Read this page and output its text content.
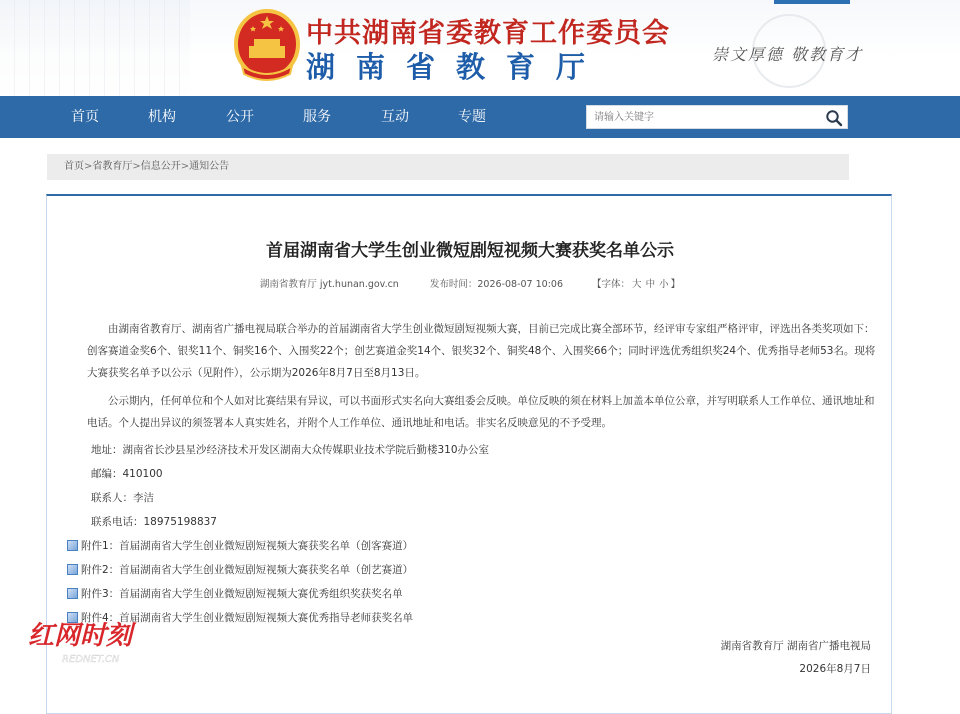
中共湖南省委教育工作委员会
湖南省教育厅	崇文厚德 敬教育才
首页	机构	公开	服务	互动	专题
请输入关键字
首页>省教育厅>信息公开>通知公告
首届湖南省大学生创业微短剧短视频大赛获奖名单公示
湖南省教育厅 jyt.hunan.gov.cn	发布时间：2026-08-07 10:06	【字体： 大 中 小 】
由湖南省教育厅、湖南省广播电视局联合举办的首届湖南省大学生创业微短剧短视频大赛，目前已完成比赛全部环节，经评审专家组严格评审，评选出各类奖项如下：创客赛道金奖6个、银奖11个、铜奖16个、入围奖22个；创艺赛道金奖14个、银奖32个、铜奖48个、入围奖66个；同时评选优秀组织奖24个、优秀指导老师53名。现将大赛获奖名单予以公示（见附件），公示期为2026年8月7日至8月13日。
公示期内，任何单位和个人如对比赛结果有异议，可以书面形式实名向大赛组委会反映。单位反映的须在材料上加盖本单位公章，并写明联系人工作单位、通讯地址和电话。个人提出异议的须签署本人真实姓名，并附个人工作单位、通讯地址和电话。非实名反映意见的不予受理。
地址：湖南省长沙县星沙经济技术开发区湖南大众传媒职业技术学院后勤楼310办公室
邮编：410100
联系人：李洁
联系电话：18975198837
附件1：首届湖南省大学生创业微短剧短视频大赛获奖名单（创客赛道）
附件2：首届湖南省大学生创业微短剧短视频大赛获奖名单（创艺赛道）
附件3：首届湖南省大学生创业微短剧短视频大赛优秀组织奖获奖名单
附件4：首届湖南省大学生创业微短剧短视频大赛优秀指导老师获奖名单
湖南省教育厅 湖南省广播电视局
2026年8月7日
红网时刻
REDNET.CN
